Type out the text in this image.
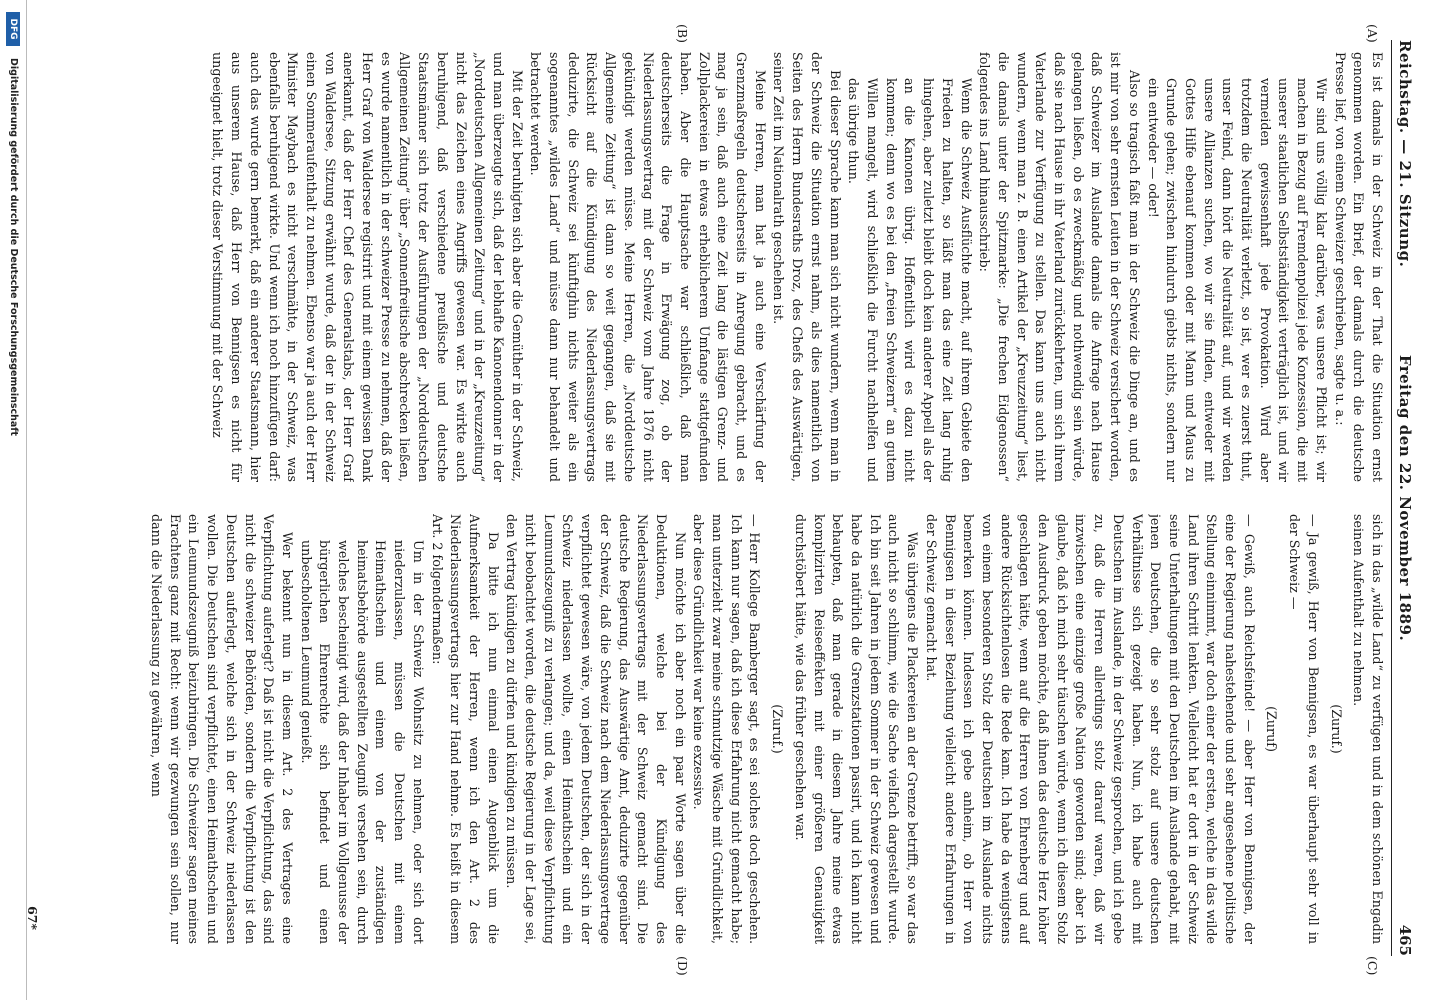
Reichstag. — 21. Sitzung.
Freitag den 22. November 1889.
465
(A)
(B)
(C)
(D)

Es ist damals in der Schweiz in der That die Situation ernst genommen worden. Ein Brief, der damals durch die deutsche Presse lief, von einem Schweizer geschrieben, sagte u. a.:

Wir sind uns völlig klar darüber, was unsere Pflicht ist; wir machen in Bezug auf Fremdenpolizei jede Konzession, die mit unserer staatlichen Selbstständigkeit verträglich ist, und wir vermeiden gewissenhaft jede Provokation. Wird aber trotzdem die Neutralität verletzt, so ist, wer es zuerst thut, unser Feind, dann hört die Neutralität auf, und wir werden unsere Allianzen suchen, wo wir sie finden, entweder mit Gottes Hilfe ebenauf kommen oder mit Mann und Maus zu Grunde gehen; zwischen hindurch giebts nichts, sondern nur ein entweder — oder!

Also so tragisch faßt man in der Schweiz die Dinge an, und es ist mir von sehr ernsten Leuten in der Schweiz versichert worden, daß Schweizer im Auslande damals die Anfrage nach Hause gelangen ließen, ob es zweckmäßig und nothwendig sein würde, daß sie nach Hause in ihr Vaterland zurückkehrten, um sich ihrem Vaterlande zur Verfügung zu stellen. Das kann uns auch nicht wundern, wenn man z. B. einen Artikel der „Kreuzzeitung“ liest, die damals unter der Spitzmarke: „Die frechen Eidgenossen“ folgendes ins Land hinausschrieb:

Wenn die Schweiz Ausflüchte macht, auf ihrem Gebiete den Frieden zu halten, so läßt man das eine Zeit lang ruhig hingehen, aber zuletzt bleibt doch kein anderer Appell als der an die Kanonen übrig. Hoffentlich wird es dazu nicht kommen; denn wo es bei den „freien Schweizern“ an gutem Willen mangelt, wird schließlich die Furcht nachhelfen und das übrige thun.

Bei dieser Sprache kann man sich nicht wundern, wenn man in der Schweiz die Situation ernst nahm, als dies namentlich von Seiten des Herrn Bundesraths Droz, des Chefs des Auswärtigen, seiner Zeit im Nationalrath geschehen ist.

Meine Herren, man hat ja auch eine Verschärfung der Grenzmaßregeln deutscherseits in Anregung gebracht, und es mag ja sein, daß auch eine Zeit lang die lästigen Grenz- und Zollplackereien in etwas erheblicherem Umfange stattgefunden haben. Aber die Hauptsache war schließlich, daß man deutscherseits die Frage in Erwägung zog, ob der Niederlassungsvertrag mit der Schweiz vom Jahre 1876 nicht gekündigt werden müsse. Meine Herren, die „Norddeutsche Allgemeine Zeitung“ ist dann so weit gegangen, daß sie mit Rücksicht auf die Kündigung des Niederlassungsvertrags deduzirte, die Schweiz sei künftighin nichts weiter als ein sogenanntes „wildes Land“ und müsse dann nur behandelt und betrachtet werden.

Mit der Zeit beruhigten sich aber die Gemüther in der Schweiz, und man überzeugte sich, daß der lebhafte Kanonendonner in der „Norddeutschen Allgemeinen Zeitung“ und in der „Kreuzzeitung“ nicht das Zeichen eines Angriffs gewesen war. Es wirkte auch beruhigend, daß verschiedene preußische und deutsche Staatsmänner sich trotz der Ausführungen der „Norddeutschen Allgemeinen Zeitung“ über „Sonnenfreitische abschrecken ließen, es wurde namentlich in der schweizer Presse zu nehmen, daß der Herr Graf von Waldersee registrirt und mit einem gewissen Dank anerkannt, daß der Herr Chef des Generalstabs, der Herr Graf von Waldersee, Sitzung erwähnt wurde, daß der in der Schweiz einen Sommeraufenthalt zu nehmen. Ebenso war ja auch der Herr Minister Maybach es nicht verschmähte, in der Schweiz, was ebenfalls beruhigend wirkte. Und wenn ich noch hinzufügen darf: auch das wurde gern bemerkt, daß ein anderer Staatsmann, hier aus unserem Hause, daß Herr von Bennigsen es nicht für ungeeignet hielt, trotz dieser Verstimmung mit der Schweiz

sich in das „wilde Land“ zu verfügen und in dem schönen Engadin seinen Aufenthalt zu nehmen.

(Zuruf.)

— Ja gewiß, Herr von Bennigsen, es war überhaupt sehr voll in der Schweiz —

(Zuruf)

— Gewiß, auch Reichsfeinde! — aber Herr von Bennigsen, der eine der Regierung nahestehende und sehr angesehene politische Stellung einnimmt, war doch einer der ersten, welche in das wilde Land ihren Schritt lenkten. Vielleicht hat er dort in der Schweiz seine Unterhaltungen mit den Deutschen im Auslande gehabt, mit jenen Deutschen, die so sehr stolz auf unsere deutschen Verhältnisse sich gezeigt haben. Nun, ich habe auch mit Deutschen im Auslande, in der Schweiz gesprochen, und ich gebe zu, daß die Herren allerdings stolz darauf waren, daß wir inzwischen eine einzige große Nation geworden sind; aber ich glaube, daß ich mich sehr täuschen würde, wenn ich diesem Stolz den Ausdruck geben möchte, daß ihnen das deutsche Herz höher geschlagen hätte, wenn auf die Herren von Ehrenberg und auf andere Rücksichtenlosen die Rede kam. Ich habe da wenigstens von einem besonderen Stolz der Deutschen im Auslande nichts bemerken können. Indessen ich gebe anheim, ob Herr von Bennigsen in dieser Beziehung vielleicht andere Erfahrungen in der Schweiz gemacht hat.

Was übrigens die Plackereien an der Grenze betrifft, so war das auch nicht so schlimm, wie die Sache vielfach dargestellt wurde. Ich bin seit Jahren in jedem Sommer in der Schweiz gewesen und habe da natürlich die Grenzstationen passirt, und ich kann nicht behaupten, daß man gerade in diesem Jahre meine etwas komplizirten Reiseeffekten mit einer größeren Genauigkeit durchstöbert hätte, wie das früher geschehen war.

(Zuruf.)

— Herr Kollege Bamberger sagt, es sei solches doch geschehen. Ich kann nur sagen, daß ich diese Erfahrung nicht gemacht habe; man unterzieht zwar meine schmutzige Wäsche mit Gründlichkeit, aber diese Gründlichkeit war keine exzessive.

Nun möchte ich aber noch ein paar Worte sagen über die Deduktionen, welche bei der Kündigung des Niederlassungsvertrags mit der Schweiz gemacht sind. Die deutsche Regierung, das Auswärtige Amt, deduzirte gegenüber der Schweiz, daß die Schweiz nach dem Niederlassungsvertrage verpflichtet gewesen wäre, von jedem Deutschen, der sich in der Schweiz niederlassen wollte, einen Heimathschein und ein Leumundszeugniß zu verlangen; und da, weil diese Verpflichtung nicht beobachtet worden, die deutsche Regierung in der Lage sei, den Vertrag kündigen zu dürfen und kündigen zu müssen.

Da bitte ich nun einmal einen Augenblick um die Aufmerksamkeit der Herren, wenn ich den Art. 2 des Niederlassungsvertrags hier zur Hand nehme. Es heißt in diesem Art. 2 folgendermaßen:

Um in der Schweiz Wohnsitz zu nehmen, oder sich dort niederzulassen, müssen die Deutschen mit einem Heimathschein und einem von der zuständigen heimatsbehörde ausgestellten Zeugniß versehen sein, durch welches bescheinigt wird, daß der Inhaber im Vollgenusse der bürgerlichen Ehrenrechte sich befindet und einen unbescholtenen Leumund genießt.

Wer bekennt nun in diesem Art. 2 des Vertrages eine Verpflichtung auferlegt? Daß ist nicht die Verpflichtung, das sind nicht die schweizer Behörden, sondern die Verpflichtung ist den Deutschen auferlegt, welche sich in der Schweiz niederlassen wollen. Die Deutschen sind verpflichtet, einen Heimathschein und ein Leumundszeugniß beizubringen. Die Schweizer sagen meines Erachtens ganz mit Recht: wenn wir gezwungen sein sollen, nur dann die Niederlassung zu gewähren, wenn

67*
DFG
Digitalisierung gefördert durch die Deutsche Forschungsgemeinschaft
